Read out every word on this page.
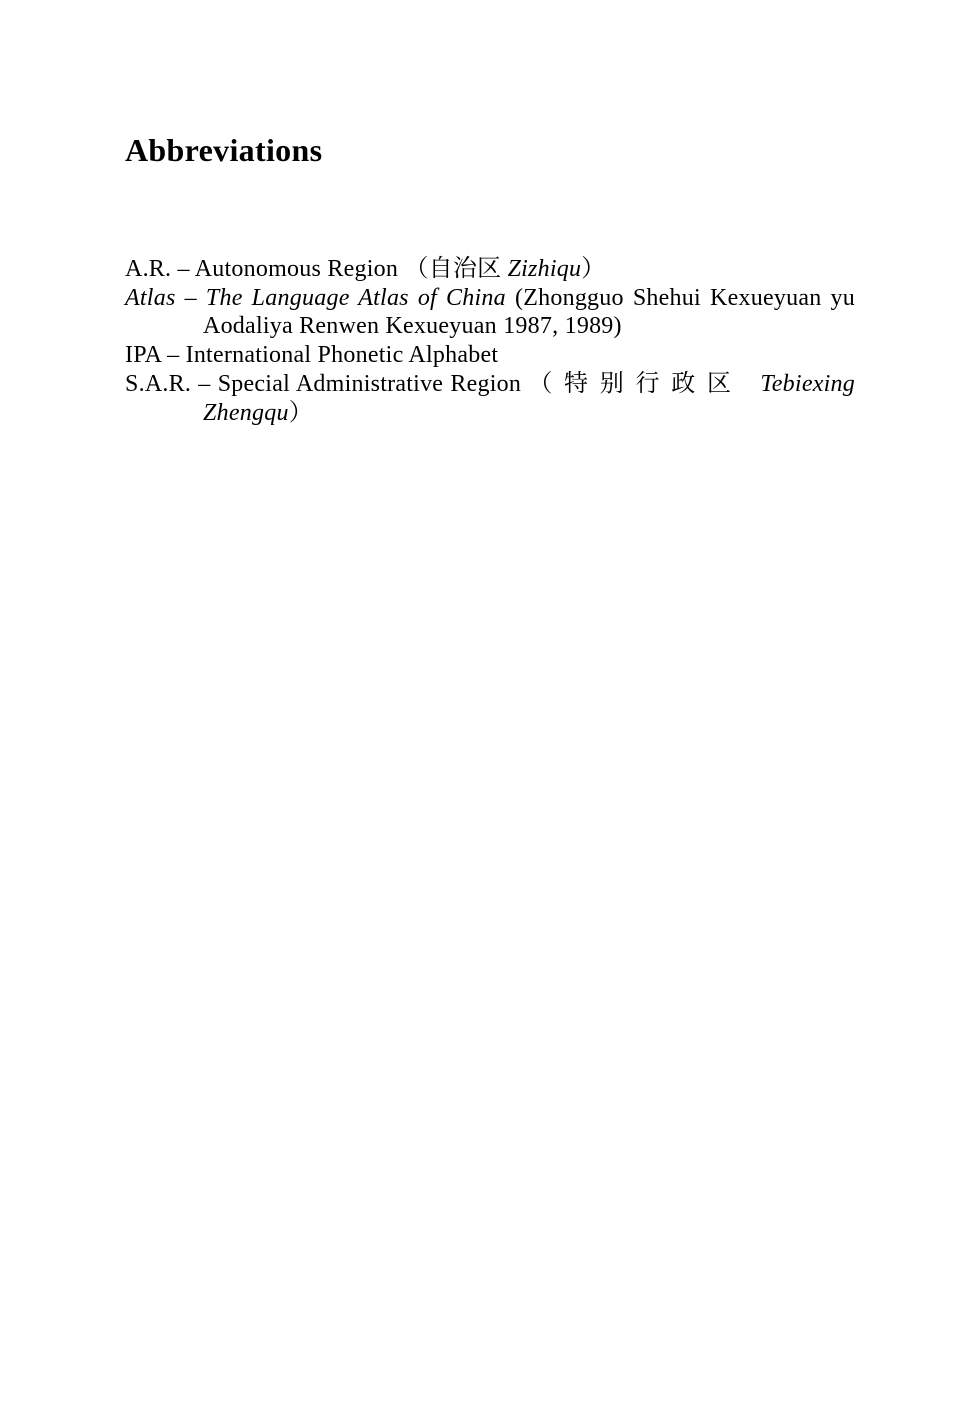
Abbreviations
A.R. – Autonomous Region （自治区 Zizhiqu）
Atlas – The Language Atlas of China (Zhongguo Shehui Kexueyuan yu
Aodaliya Renwen Kexueyuan 1987, 1989)
IPA – International Phonetic Alphabet
S.A.R. – Special Administrative Region （特别行政区 Tebiexing
Zhengqu）
